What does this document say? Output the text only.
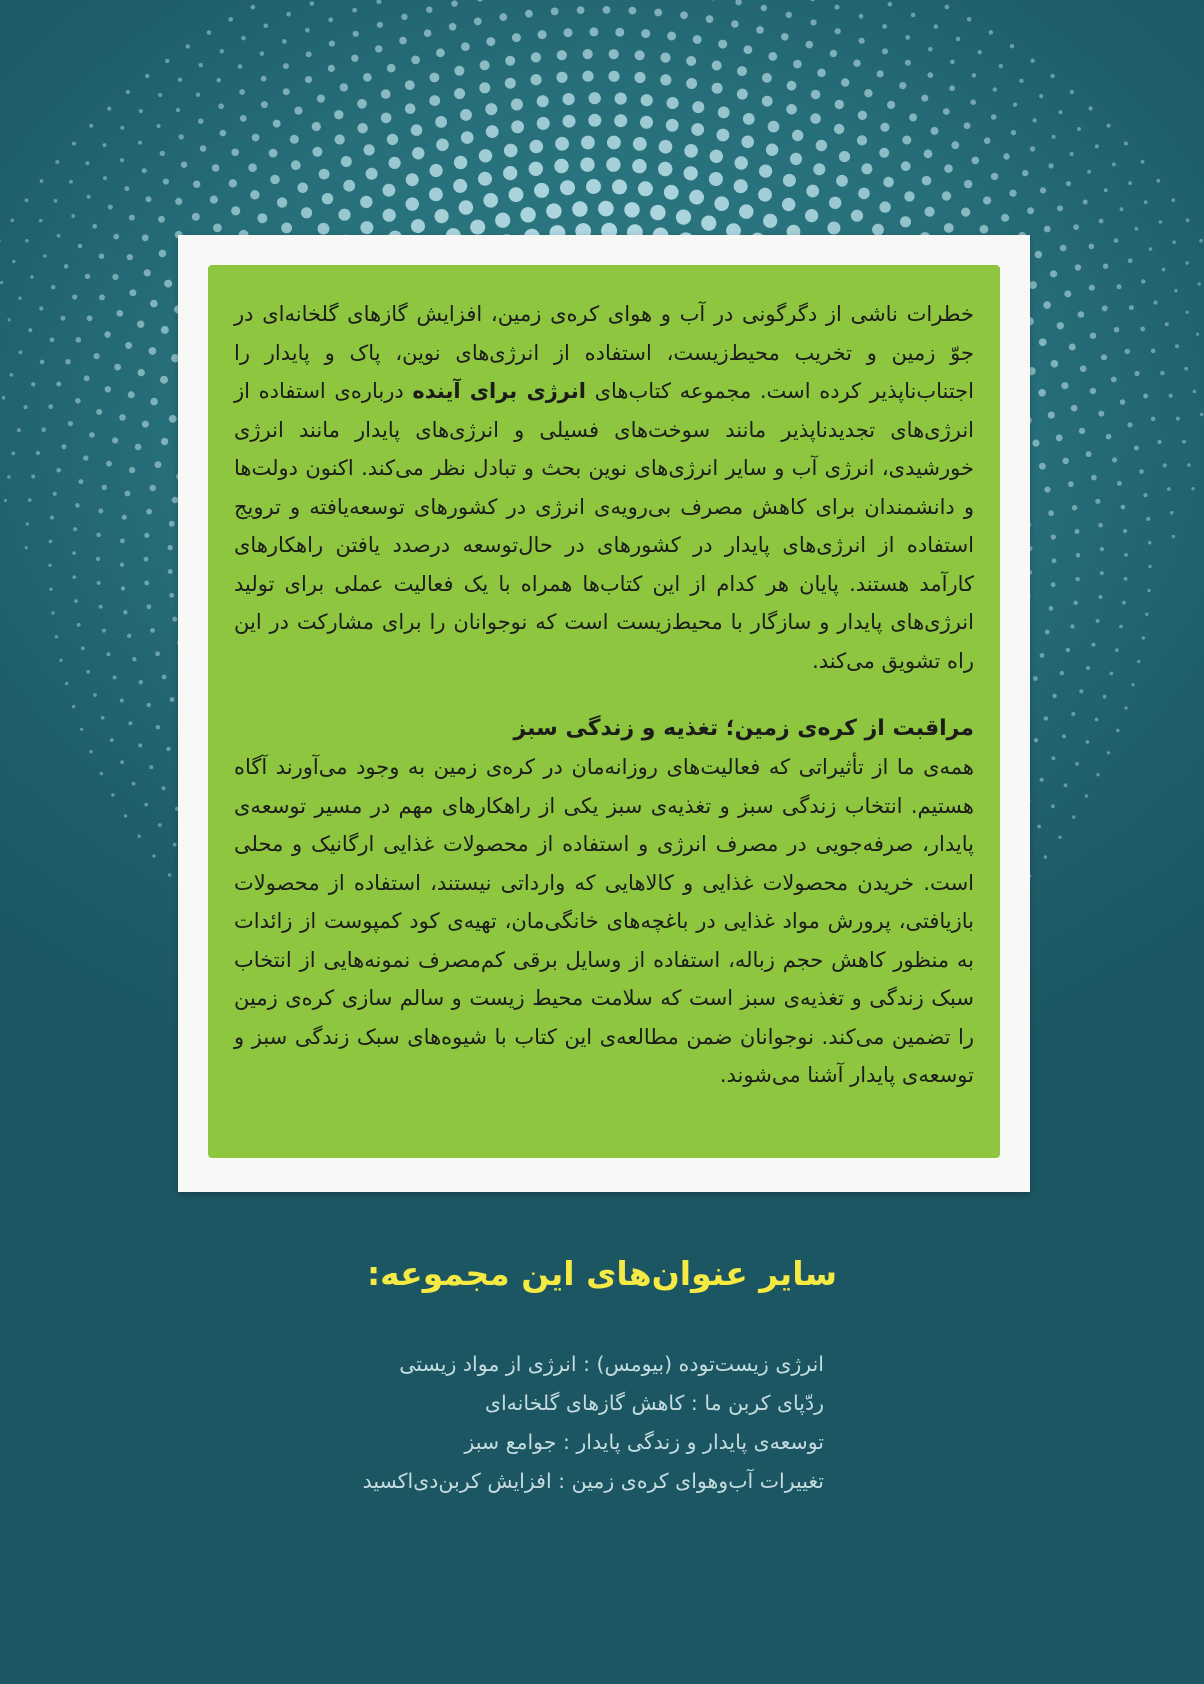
خطرات ناشی از دگرگونی در آب و هوای کره‌ی زمین، افزایش گازهای گلخانه‌ای در جوّ زمین و تخریب محیط‌زیست، استفاده از انرژی‌های نوین، پاک و پایدار را اجتناب‌ناپذیر کرده است. مجموعه کتاب‌های انرژی برای آینده درباره‌ی استفاده از انرژی‌های تجدیدناپذیر مانند سوخت‌های فسیلی و انرژی‌های پایدار مانند انرژی خورشیدی، انرژی آب و سایر انرژی‌های نوین بحث و تبادل نظر می‌کند. اکنون دولت‌ها و دانشمندان برای کاهش مصرف بی‌رویه‌ی انرژی در کشورهای توسعه‌یافته و ترویج استفاده از انرژی‌های پایدار در کشورهای در حال‌توسعه درصدد یافتن راهکارهای کارآمد هستند. پایان هر کدام از این کتاب‌ها همراه با یک فعالیت عملی برای تولید انرژی‌های پایدار و سازگار با محیط‌زیست است که نوجوانان را برای مشارکت در این راه تشویق می‌کند.

مراقبت از کره‌ی زمین؛ تغذیه و زندگی سبز

همه‌ی ما از تأثیراتی که فعالیت‌های روزانه‌مان در کره‌ی زمین به وجود می‌آورند آگاه هستیم. انتخاب زندگی سبز و تغذیه‌ی سبز یکی از راهکارهای مهم در مسیر توسعه‌ی پایدار، صرفه‌جویی در مصرف انرژی و استفاده از محصولات غذایی ارگانیک و محلی است. خریدن محصولات غذایی و کالاهایی که وارداتی نیستند، استفاده از محصولات بازیافتی، پرورش مواد غذایی در باغچه‌های خانگی‌مان، تهیه‌ی کود کمپوست از زائدات به منظور کاهش حجم زباله، استفاده از وسایل برقی کم‌مصرف نمونه‌هایی از انتخاب سبک زندگی و تغذیه‌ی سبز است که سلامت محیط زیست و سالم سازی کره‌ی زمین را تضمین می‌کند. نوجوانان ضمن مطالعه‌ی این کتاب با شیوه‌های سبک زندگی سبز و توسعه‌ی پایدار آشنا می‌شوند.

سایر عنوان‌های این مجموعه:
انرژی زیست‌توده (بیومس) : انرژی از مواد زیستی
ردّپای کربن ما : کاهش گازهای گلخانه‌ای
توسعه‌ی پایدار و زندگی پایدار : جوامع سبز
تغییرات آب‌وهوای کره‌ی زمین : افزایش کربن‌دی‌اکسید
